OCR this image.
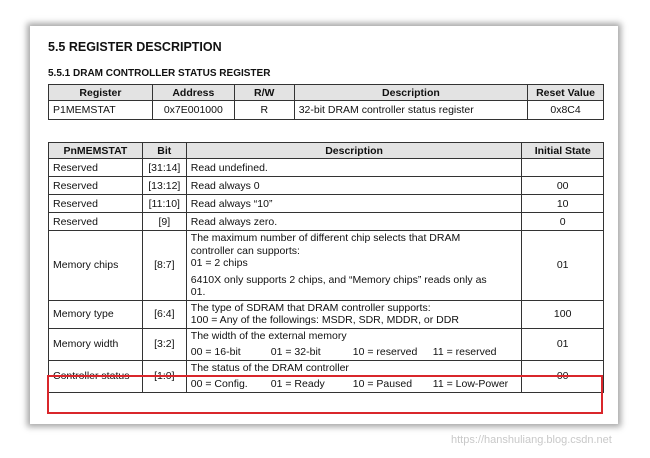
5.5 REGISTER DESCRIPTION
5.5.1 DRAM CONTROLLER STATUS REGISTER
Register	Address	R/W	Description	Reset Value
P1MEMSTAT	0x7E001000	R	32-bit DRAM controller status register	0x8C4
PnMEMSTAT	Bit	Description	Initial State
Reserved	[31:14]	Read undefined.	
Reserved	[13:12]	Read always 0	00
Reserved	[11:10]	Read always “10”	10
Reserved	[9]	Read always zero.	0
Memory chips	[8:7]	The maximum number of different chip selects that DRAM
controller can supports:
01 = 2 chips
6410X only supports 2 chips, and “Memory chips” reads only as
01.	01
Memory type	[6:4]	The type of SDRAM that DRAM controller supports:
100 = Any of the followings: MSDR, SDR, MDDR, or DDR	100
Memory width	[3:2]	The width of the external memory
00 = 16-bit 01 = 32-bit 10 = reserved 11 = reserved	01
Controller status	[1:0]	The status of the DRAM controller
00 = Config. 01 = Ready 10 = Paused 11 = Low-Power	00
https://hanshuliang.blog.csdn.net
